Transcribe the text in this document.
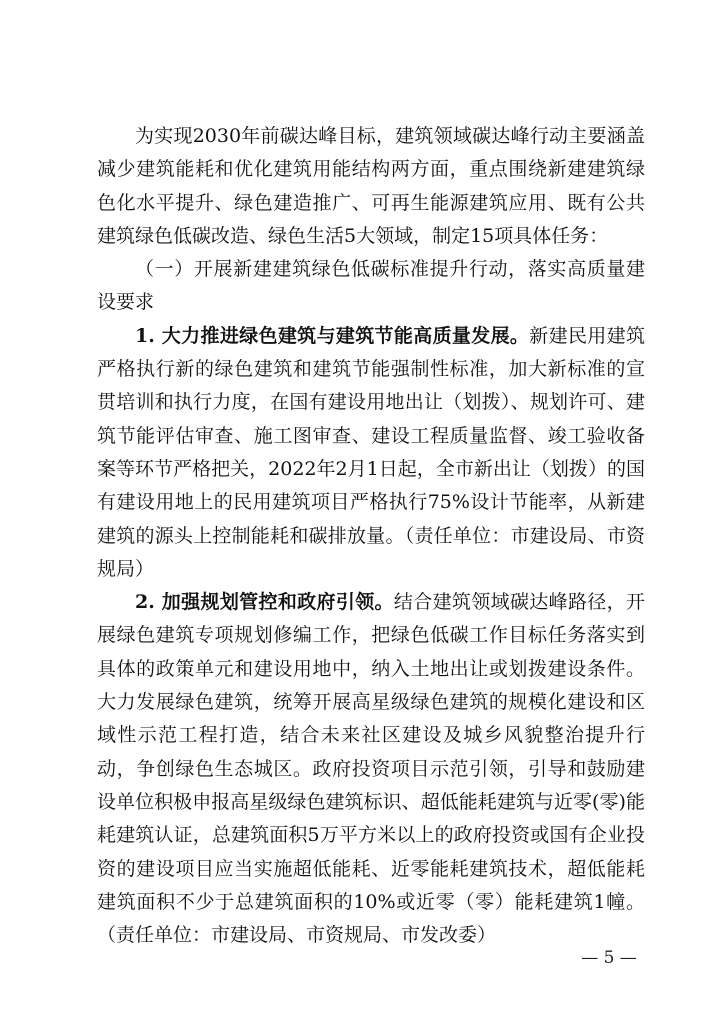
为实现2030年前碳达峰目标，建筑领域碳达峰行动主要涵盖减少建筑能耗和优化建筑用能结构两方面，重点围绕新建建筑绿色化水平提升、绿色建造推广、可再生能源建筑应用、既有公共建筑绿色低碳改造、绿色生活5大领域，制定15项具体任务：

（一）开展新建建筑绿色低碳标准提升行动，落实高质量建设要求

1. 大力推进绿色建筑与建筑节能高质量发展。新建民用建筑严格执行新的绿色建筑和建筑节能强制性标准，加大新标准的宣贯培训和执行力度，在国有建设用地出让（划拨）、规划许可、建筑节能评估审查、施工图审查、建设工程质量监督、竣工验收备案等环节严格把关，2022年2月1日起，全市新出让（划拨）的国有建设用地上的民用建筑项目严格执行75%设计节能率，从新建建筑的源头上控制能耗和碳排放量。（责任单位：市建设局、市资规局）

2. 加强规划管控和政府引领。结合建筑领域碳达峰路径，开展绿色建筑专项规划修编工作，把绿色低碳工作目标任务落实到具体的政策单元和建设用地中，纳入土地出让或划拨建设条件。大力发展绿色建筑，统筹开展高星级绿色建筑的规模化建设和区域性示范工程打造，结合未来社区建设及城乡风貌整治提升行动，争创绿色生态城区。政府投资项目示范引领，引导和鼓励建设单位积极申报高星级绿色建筑标识、超低能耗建筑与近零(零)能耗建筑认证，总建筑面积5万平方米以上的政府投资或国有企业投资的建设项目应当实施超低能耗、近零能耗建筑技术，超低能耗建筑面积不少于总建筑面积的10%或近零（零）能耗建筑1幢。（责任单位：市建设局、市资规局、市发改委）

— 5 —
